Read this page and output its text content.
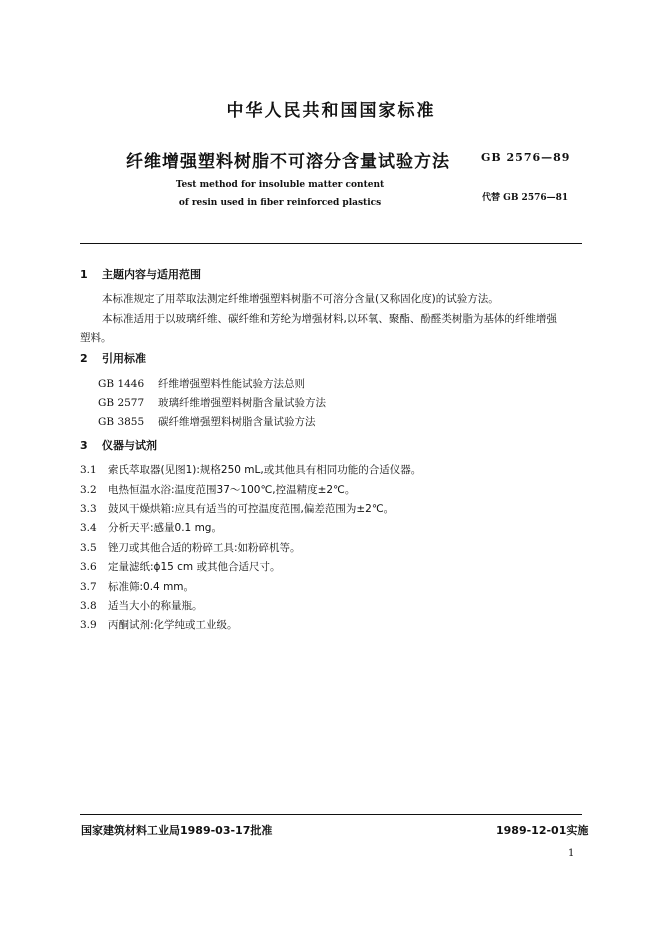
中华人民共和国国家标准
纤维增强塑料树脂不可溶分含量试验方法	GB 2576—89
Test method for insoluble matter content
of resin used in fiber reinforced plastics	代替 GB 2576—81
1 主题内容与适用范围
本标准规定了用萃取法测定纤维增强塑料树脂不可溶分含量(又称固化度)的试验方法。
本标准适用于以玻璃纤维、碳纤维和芳纶为增强材料,以环氧、聚酯、酚醛类树脂为基体的纤维增强
塑料。
2 引用标准
GB 1446 纤维增强塑料性能试验方法总则
GB 2577 玻璃纤维增强塑料树脂含量试验方法
GB 3855 碳纤维增强塑料树脂含量试验方法
3 仪器与试剂
3.1 索氏萃取器(见图1):规格250 mL,或其他具有相同功能的合适仪器。
3.2 电热恒温水浴:温度范围37～100℃,控温精度±2℃。
3.3 鼓风干燥烘箱:应具有适当的可控温度范围,偏差范围为±2℃。
3.4 分析天平:感量0.1 mg。
3.5 锉刀或其他合适的粉碎工具:如粉碎机等。
3.6 定量滤纸:ϕ15 cm 或其他合适尺寸。
3.7 标准筛:0.4 mm。
3.8 适当大小的称量瓶。
3.9 丙酮试剂:化学纯或工业级。
国家建筑材料工业局1989-03-17批准	1989-12-01实施
1
